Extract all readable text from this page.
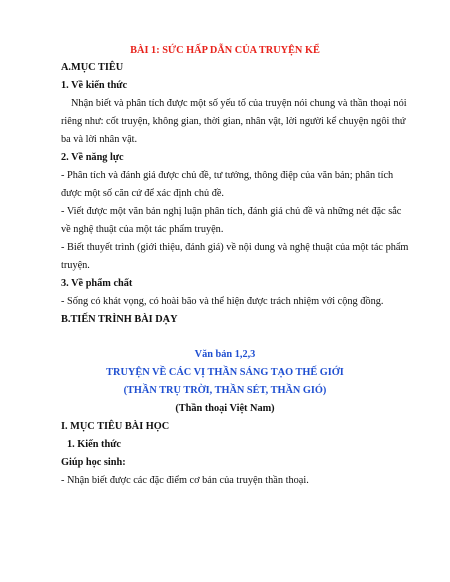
BÀI 1: SỨC HẤP DẪN CỦA TRUYỆN KỂ
A.MỤC TIÊU
1. Về kiến thức
Nhận biết và phân tích được một số yếu tố của truyện nói chung và thần thoại nói
riêng như: cốt truyện, không gian, thời gian, nhân vật, lời người kể chuyện ngôi thứ
ba và lời nhân vật.
2. Về năng lực
- Phân tích và đánh giá được chủ đề, tư tưởng, thông điệp của văn bản; phân tích
được một số căn cứ để xác định chủ đề.
- Viết được một văn bản nghị luận phân tích, đánh giá chủ đề và những nét đặc sắc
về nghệ thuật của một tác phẩm truyện.
- Biết thuyết trình (giới thiệu, đánh giá) về nội dung và nghệ thuật của một tác phẩm
truyện.
3. Về phẩm chất
- Sống có khát vọng, có hoài bão và thể hiện được trách nhiệm với cộng đồng.
B.TIẾN TRÌNH BÀI DẠY
Văn bản 1,2,3
TRUYỆN VỀ CÁC VỊ THẦN SÁNG TẠO THẾ GIỚI
(THẦN TRỤ TRỜI, THẦN SÉT, THẦN GIÓ)
(Thần thoại Việt Nam)
I. MỤC TIÊU BÀI HỌC
1. Kiến thức
Giúp học sinh:
- Nhận biết được các đặc điểm cơ bản của truyện thần thoại.
